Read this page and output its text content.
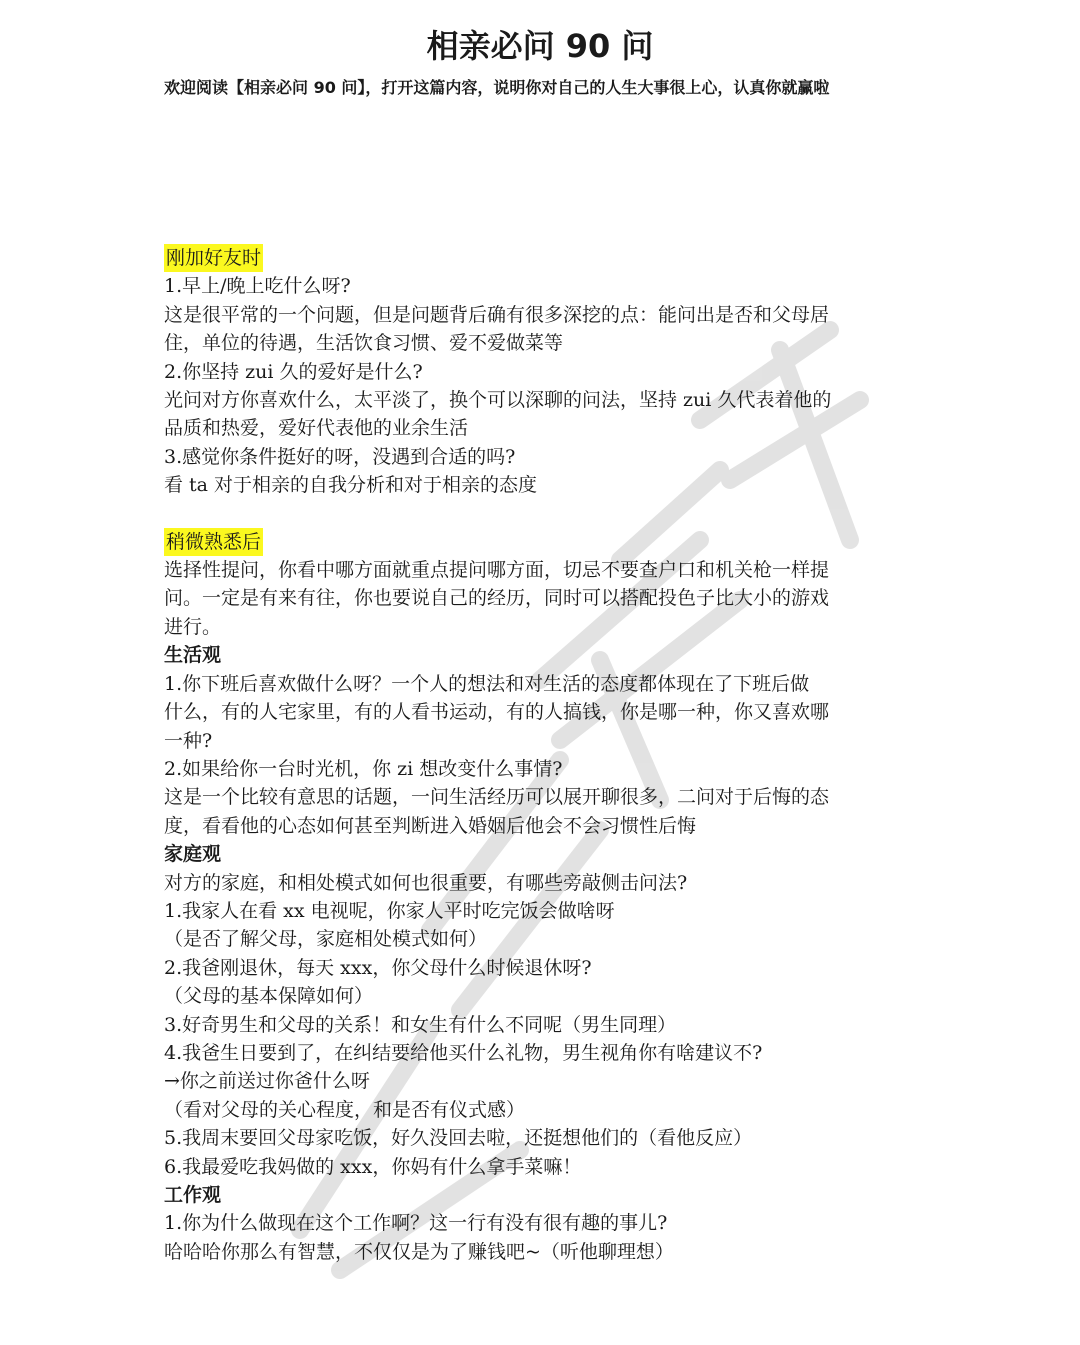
相亲必问 90 问
欢迎阅读【相亲必问 90 问】，打开这篇内容，说明你对自己的人生大事很上心，认真你就赢啦
刚加好友时

1.早上/晚上吃什么呀?

这是很平常的一个问题，但是问题背后确有很多深挖的点：能问出是否和父母居

住，单位的待遇，生活饮食习惯、爱不爱做菜等

2.你坚持 zui 久的爱好是什么?

光问对方你喜欢什么，太平淡了，换个可以深聊的问法，坚持 zui 久代表着他的

品质和热爱，爱好代表他的业余生活

3.感觉你条件挺好的呀，没遇到合适的吗?

看 ta 对于相亲的自我分析和对于相亲的态度

稍微熟悉后

选择性提问，你看中哪方面就重点提问哪方面，切忌不要查户口和机关枪一样提

问。一定是有来有往，你也要说自己的经历，同时可以搭配投色子比大小的游戏

进行。

生活观

1.你下班后喜欢做什么呀？一个人的想法和对生活的态度都体现在了下班后做

什么，有的人宅家里，有的人看书运动，有的人搞钱，你是哪一种，你又喜欢哪

一种?

2.如果给你一台时光机，你 zi 想改变什么事情?

这是一个比较有意思的话题，一问生活经历可以展开聊很多，二问对于后悔的态

度，看看他的心态如何甚至判断进入婚姻后他会不会习惯性后悔

家庭观

对方的家庭，和相处模式如何也很重要，有哪些旁敲侧击问法?

1.我家人在看 xx 电视呢，你家人平时吃完饭会做啥呀

（是否了解父母，家庭相处模式如何）

2.我爸刚退休，每天 xxx，你父母什么时候退休呀?

（父母的基本保障如何）

3.好奇男生和父母的关系！和女生有什么不同呢（男生同理）

4.我爸生日要到了，在纠结要给他买什么礼物，男生视角你有啥建议不?

→你之前送过你爸什么呀

（看对父母的关心程度，和是否有仪式感）

5.我周末要回父母家吃饭，好久没回去啦，还挺想他们的（看他反应）

6.我最爱吃我妈做的 xxx，你妈有什么拿手菜嘛！

工作观

1.你为什么做现在这个工作啊？这一行有没有很有趣的事儿?

哈哈哈你那么有智慧，不仅仅是为了赚钱吧~（听他聊理想）
